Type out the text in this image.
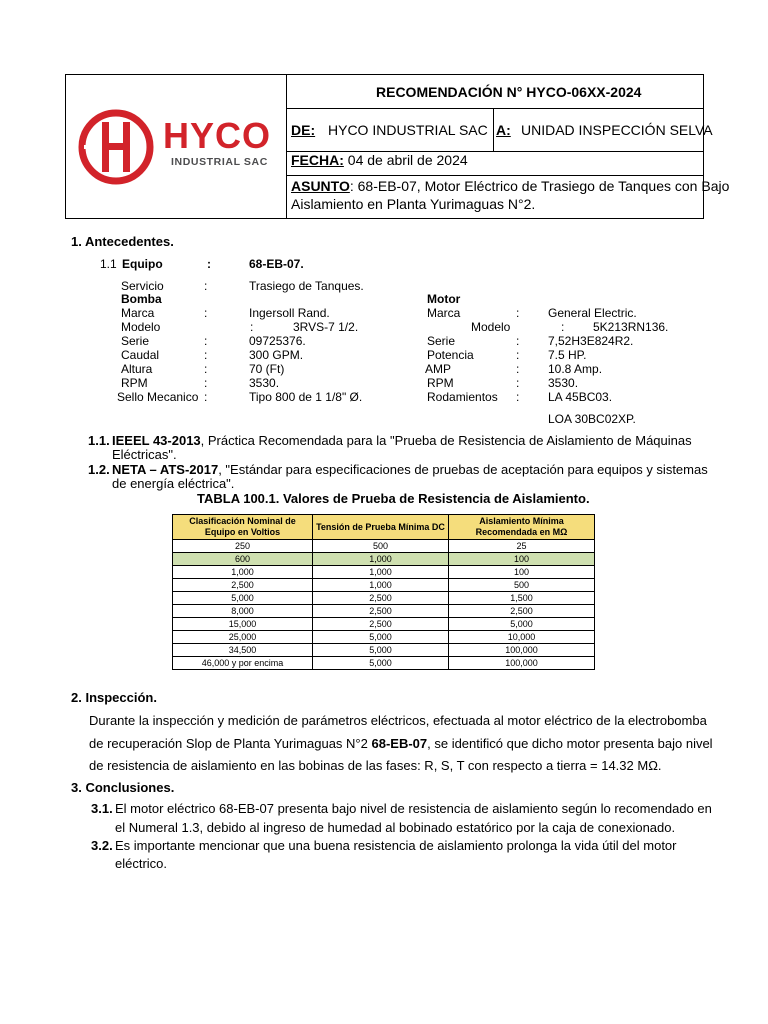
HYCO
INDUSTRIAL SAC
RECOMENDACIÓN N° HYCO-06XX-2024
DE: HYCO INDUSTRIAL SAC A: UNIDAD INSPECCIÓN SELVA
FECHA: 04 de abril de 2024
ASUNTO: 68-EB-07, Motor Eléctrico de Trasiego de Tanques con Bajo
Aislamiento en Planta Yurimaguas N°2.
1. Antecedentes.
1.1 Equipo	:	68-EB-07.
Servicio	:	Trasiego de Tanques.
Bomba	Motor
Marca	:	Ingersoll Rand.
Modelo	:	3RVS-7 1/2.
Serie	:	09725376.
Caudal	:	300 GPM.
Altura	:	70 (Ft)
RPM	:	3530.
Sello Mecanico :	Tipo 800 de 1 1/8" Ø.
Marca	: General Electric.
Modelo	: 5K213RN136.
Serie	: 7,52H3E824R2.
Potencia	: 7.5 HP.
AMP	: 10.8 Amp.
RPM	: 3530.
Rodamientos : LA 45BC03.
LOA 30BC02XP.
1.1. IEEEL 43-2013, Práctica Recomendada para la "Prueba de Resistencia de Aislamiento de Máquinas
Eléctricas".
1.2. NETA – ATS-2017, "Estándar para especificaciones de pruebas de aceptación para equipos y sistemas
de energía eléctrica".
TABLA 100.1. Valores de Prueba de Resistencia de Aislamiento.
Clasificación Nominal de Equipo en Voltios	Tensión de Prueba Mínima DC	Aislamiento Mínima Recomendada en MΩ
250	500	25
600	1,000	100
1,000	1,000	100
2,500	1,000	500
5,000	2,500	1,500
8,000	2,500	2,500
15,000	2,500	5,000
25,000	5,000	10,000
34,500	5,000	100,000
46,000 y por encima	5,000	100,000
2. Inspección.
Durante la inspección y medición de parámetros eléctricos, efectuada al motor eléctrico de la electrobomba
de recuperación Slop de Planta Yurimaguas N°2 68-EB-07, se identificó que dicho motor presenta bajo nivel
de resistencia de aislamiento en las bobinas de las fases: R, S, T con respecto a tierra = 14.32 MΩ.
3. Conclusiones.
3.1. El motor eléctrico 68-EB-07 presenta bajo nivel de resistencia de aislamiento según lo recomendado en
el Numeral 1.3, debido al ingreso de humedad al bobinado estatórico por la caja de conexionado.
3.2. Es importante mencionar que una buena resistencia de aislamiento prolonga la vida útil del motor
eléctrico.
